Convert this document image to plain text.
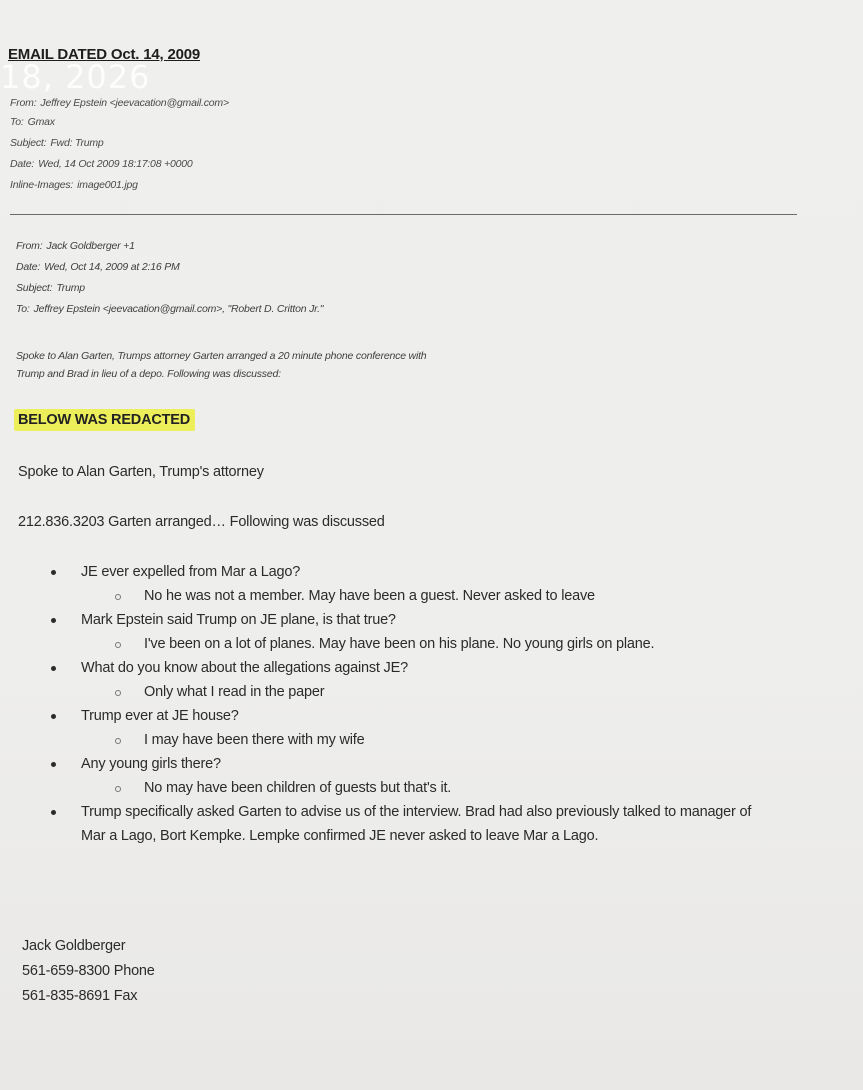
EMAIL DATED Oct. 14, 2009
18, 2026
From: Jeffrey Epstein <jeevacation@gmail.com>
To: Gmax
Subject: Fwd: Trump
Date: Wed, 14 Oct 2009 18:17:08 +0000
Inline-Images: image001.jpg
From: Jack Goldberger +1
Date: Wed, Oct 14, 2009 at 2:16 PM
Subject: Trump
To: Jeffrey Epstein <jeevacation@gmail.com>, "Robert D. Critton Jr."
Spoke to Alan Garten, Trumps attorney Garten arranged a 20 minute phone conference with
Trump and Brad in lieu of a depo. Following was discussed:
BELOW WAS REDACTED
Spoke to Alan Garten, Trump's attorney
212.836.3203 Garten arranged… Following was discussed
JE ever expelled from Mar a Lago?
No he was not a member. May have been a guest. Never asked to leave
Mark Epstein said Trump on JE plane, is that true?
I've been on a lot of planes. May have been on his plane. No young girls on plane.
What do you know about the allegations against JE?
Only what I read in the paper
Trump ever at JE house?
I may have been there with my wife
Any young girls there?
No may have been children of guests but that's it.
Trump specifically asked Garten to advise us of the interview. Brad had also previously talked to manager of Mar a Lago, Bort Kempke. Lempke confirmed JE never asked to leave Mar a Lago.
Jack Goldberger
561-659-8300 Phone
561-835-8691 Fax
